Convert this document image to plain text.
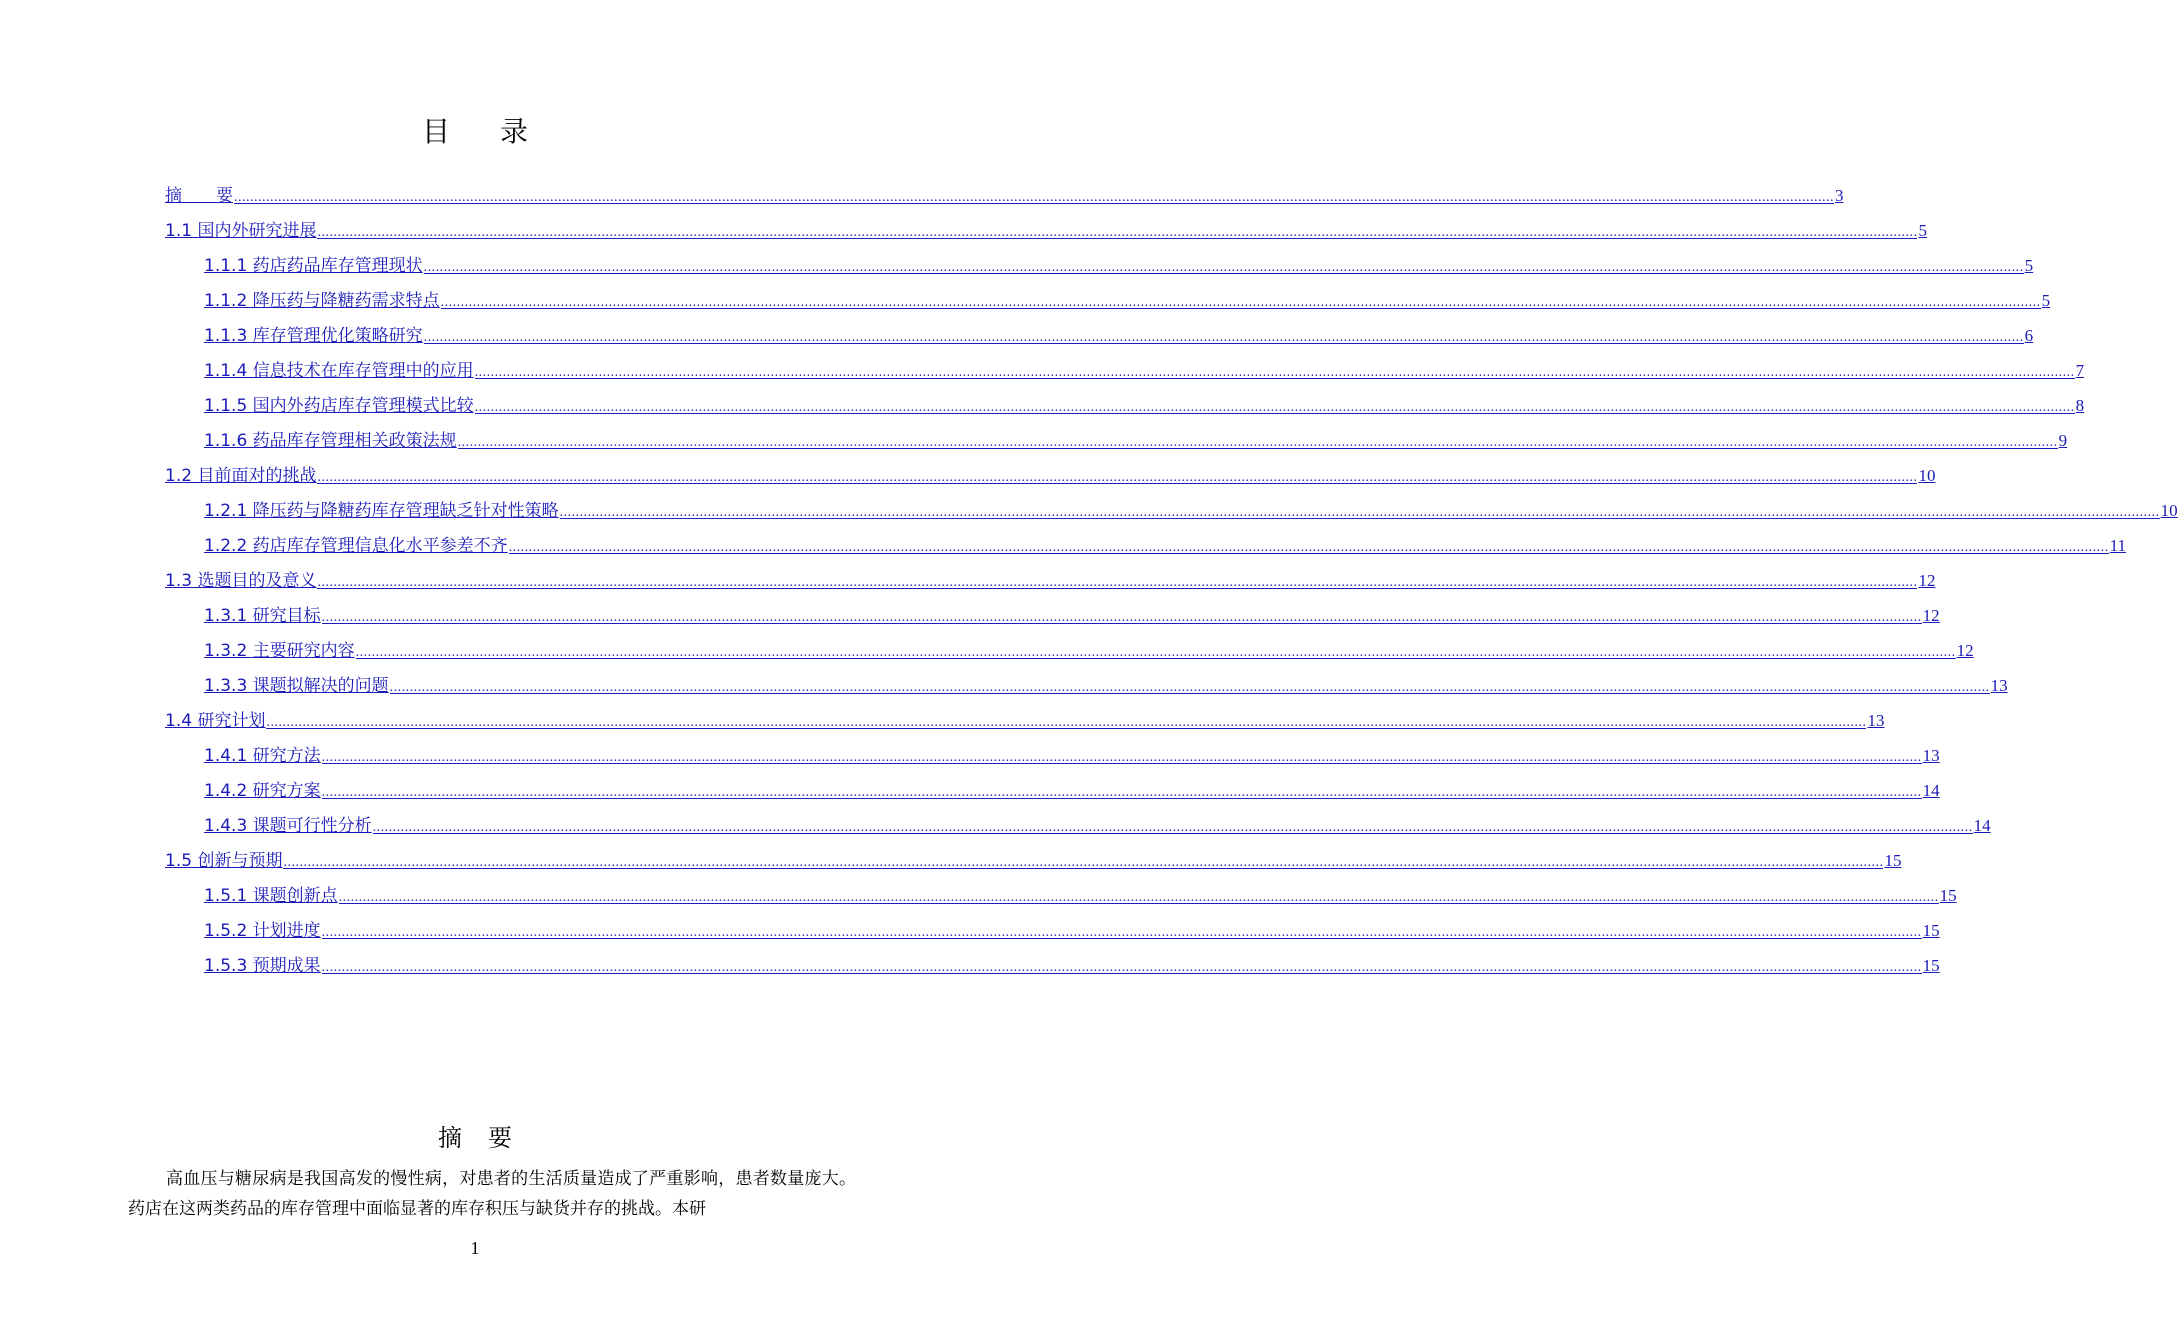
目录
摘　　要 ................................................................................................................................................................................................................................................................................................................................................................................................................ 3
1.1 国内外研究进展 ................................................................................................................................................................................................................................................................................................................................................................................................................ 5
1.1.1 药店药品库存管理现状 ................................................................................................................................................................................................................................................................................................................................................................................................................ 5
1.1.2 降压药与降糖药需求特点 ................................................................................................................................................................................................................................................................................................................................................................................................................ 5
1.1.3 库存管理优化策略研究 ................................................................................................................................................................................................................................................................................................................................................................................................................ 6
1.1.4 信息技术在库存管理中的应用 ................................................................................................................................................................................................................................................................................................................................................................................................................ 7
1.1.5 国内外药店库存管理模式比较 ................................................................................................................................................................................................................................................................................................................................................................................................................ 8
1.1.6 药品库存管理相关政策法规 ................................................................................................................................................................................................................................................................................................................................................................................................................ 9
1.2 目前面对的挑战 ................................................................................................................................................................................................................................................................................................................................................................................................................ 10
1.2.1 降压药与降糖药库存管理缺乏针对性策略 ................................................................................................................................................................................................................................................................................................................................................................................................................ 10
1.2.2 药店库存管理信息化水平参差不齐 ................................................................................................................................................................................................................................................................................................................................................................................................................ 11
1.3 选题目的及意义 ................................................................................................................................................................................................................................................................................................................................................................................................................ 12
1.3.1 研究目标 ................................................................................................................................................................................................................................................................................................................................................................................................................ 12
1.3.2 主要研究内容 ................................................................................................................................................................................................................................................................................................................................................................................................................ 12
1.3.3 课题拟解决的问题 ................................................................................................................................................................................................................................................................................................................................................................................................................ 13
1.4 研究计划 ................................................................................................................................................................................................................................................................................................................................................................................................................ 13
1.4.1 研究方法 ................................................................................................................................................................................................................................................................................................................................................................................................................ 13
1.4.2 研究方案 ................................................................................................................................................................................................................................................................................................................................................................................................................ 14
1.4.3 课题可行性分析 ................................................................................................................................................................................................................................................................................................................................................................................................................ 14
1.5 创新与预期 ................................................................................................................................................................................................................................................................................................................................................................................................................ 15
1.5.1 课题创新点 ................................................................................................................................................................................................................................................................................................................................................................................................................ 15
1.5.2 计划进度 ................................................................................................................................................................................................................................................................................................................................................................................................................ 15
1.5.3 预期成果 ................................................................................................................................................................................................................................................................................................................................................................................................................ 15
摘要
高血压与糖尿病是我国高发的慢性病，对患者的生活质量造成了严重影响，患者数量庞大。药店在这两类药品的库存管理中面临显著的库存积压与缺货并存的挑战。本研
1
